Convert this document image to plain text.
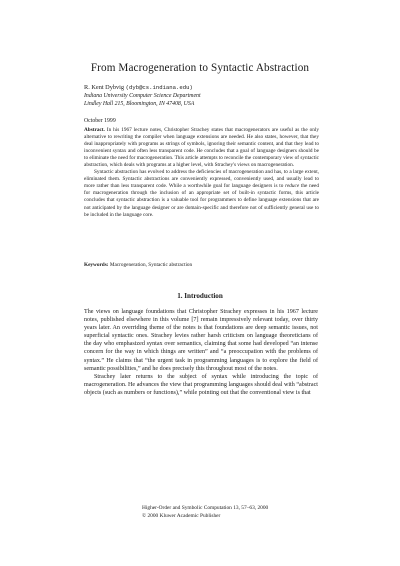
From Macrogeneration to Syntactic Abstraction
R. Kent Dybvig (dyb@cs.indiana.edu)
Indiana University Computer Science Department
Lindley Hall 215, Bloomington, IN 47408, USA
October 1999

Abstract. In his 1967 lecture notes, Christopher Strachey states that macrogenerators are useful as the only alternative to rewriting the compiler when language extensions are needed. He also states, however, that they deal inappropriately with programs as strings of symbols, ignoring their semantic content, and that they lead to inconvenient syntax and often less transparent code. He concludes that a goal of language designers should be to eliminate the need for macrogeneration. This article attempts to reconcile the contemporary view of syntactic abstraction, which deals with programs at a higher level, with Strachey's views on macrogeneration.

Syntactic abstraction has evolved to address the deficiencies of macrogeneration and has, to a large extent, eliminated them. Syntactic abstractions are conveniently expressed, conveniently used, and usually lead to more rather than less transparent code. While a worthwhile goal for language designers is to reduce the need for macrogeneration through the inclusion of an appropriate set of built-in syntactic forms, this article concludes that syntactic abstraction is a valuable tool for programmers to define language extensions that are not anticipated by the language designer or are domain-specific and therefore not of sufficiently general use to be included in the language core.

Keywords: Macrogeneration, Syntactic abstraction
1. Introduction

The views on language foundations that Christopher Strachey expresses in his 1967 lecture notes, published elsewhere in this volume [7] remain impressively relevant today, over thirty years later. An overriding theme of the notes is that foundations are deep semantic issues, not superficial syntactic ones. Strachey levies rather harsh criticism on language theoreticians of the day who emphasized syntax over semantics, claiming that some had developed “an intense concern for the way in which things are written” and “a preoccupation with the problems of syntax.” He claims that “the urgent task in programming languages is to explore the field of semantic possibilities,” and he does precisely this throughout most of the notes.

Strachey later returns to the subject of syntax while introducing the topic of macrogeneration. He advances the view that programming languages should deal with “abstract objects (such as numbers or functions),” while pointing out that the conventional view is that

Higher-Order and Symbolic Computation 13, 57–63, 2000
© 2000 Kluwer Academic Publisher
